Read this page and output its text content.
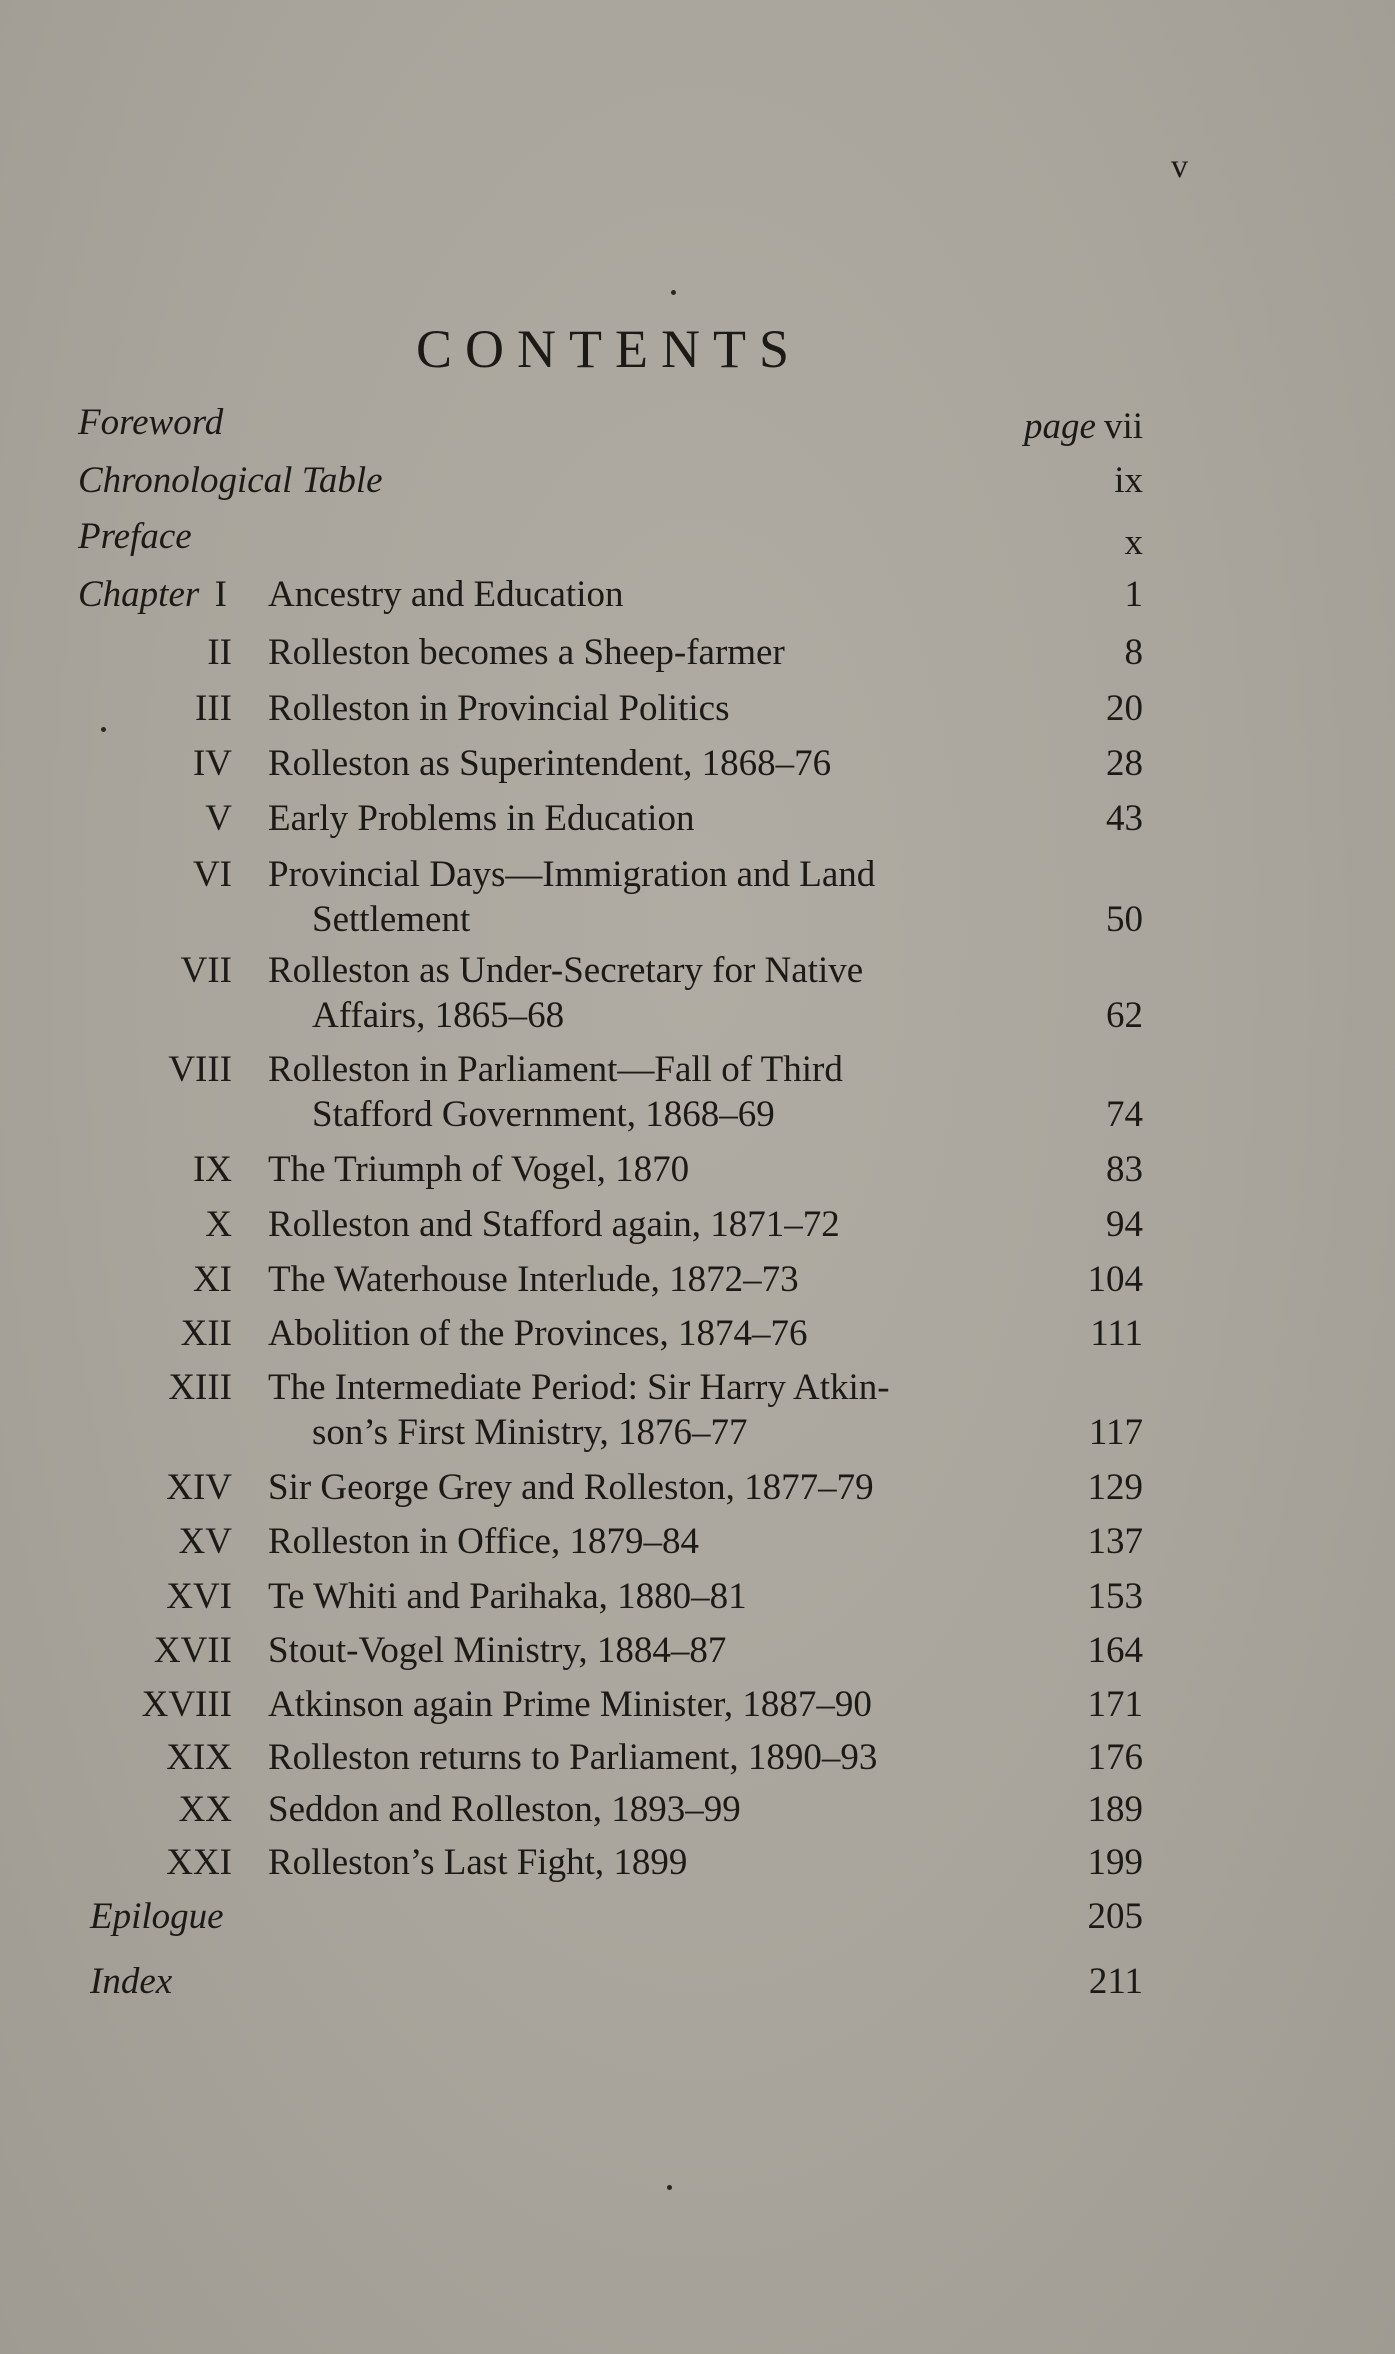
v
CONTENTS
Foreword	page vii
Chronological Table	ix
Preface	x
Chapter I Ancestry and Education	1
II Rolleston becomes a Sheep-farmer	8
III Rolleston in Provincial Politics	20
IV Rolleston as Superintendent, 1868–76	28
V Early Problems in Education	43
VI Provincial Days—Immigration and Land
Settlement	50
VII Rolleston as Under-Secretary for Native
Affairs, 1865–68	62
VIII Rolleston in Parliament—Fall of Third
Stafford Government, 1868–69	74
IX The Triumph of Vogel, 1870	83
X Rolleston and Stafford again, 1871–72	94
XI The Waterhouse Interlude, 1872–73	104
XII Abolition of the Provinces, 1874–76	111
XIII The Intermediate Period: Sir Harry Atkin-
son’s First Ministry, 1876–77	117
XIV Sir George Grey and Rolleston, 1877–79	129
XV Rolleston in Office, 1879–84	137
XVI Te Whiti and Parihaka, 1880–81	153
XVII Stout-Vogel Ministry, 1884–87	164
XVIII Atkinson again Prime Minister, 1887–90	171
XIX Rolleston returns to Parliament, 1890–93	176
XX Seddon and Rolleston, 1893–99	189
XXI Rolleston’s Last Fight, 1899	199
Epilogue	205
Index	211
